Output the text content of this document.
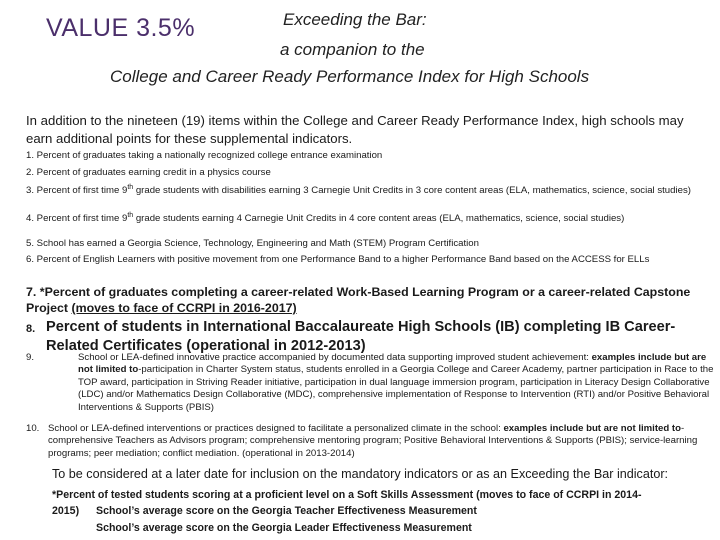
VALUE 3.5%	Exceeding the Bar:
a companion to the
College and Career Ready Performance Index for High Schools
In addition to the nineteen (19) items within the College and Career Ready Performance Index, high schools may earn additional points for these supplemental indicators.
1. Percent of graduates taking a nationally recognized college entrance examination
2. Percent of graduates earning credit in a physics course
3. Percent of first time 9th grade students with disabilities earning 3 Carnegie Unit Credits in 3 core content areas (ELA, mathematics, science, social studies)
4. Percent of first time 9th grade students earning 4 Carnegie Unit Credits in 4 core content areas (ELA, mathematics, science, social studies)
5. School has earned a Georgia Science, Technology, Engineering and Math (STEM) Program Certification
6. Percent of English Learners with positive movement from one Performance Band to a higher Performance Band based on the ACCESS for ELLs
7. *Percent of graduates completing a career-related Work-Based Learning Program or a career-related Capstone Project (moves to face of CCRPI in 2016-2017)
8. Percent of students in International Baccalaureate High Schools (IB) completing IB Career-Related Certificates (operational in 2012-2013)
9.	School or LEA-defined innovative practice accompanied by documented data supporting improved student achievement: examples include but are not limited to-participation in Charter System status, students enrolled in a Georgia College and Career Academy, partner participation in Race to the TOP award, participation in Striving Reader initiative, participation in dual language immersion program, participation in Literacy Design Collaborative (LDC) and/or Mathematics Design Collaborative (MDC), comprehensive implementation of Response to Intervention (RTI) and/or Positive Behavioral Interventions & Supports (PBIS)
10. School or LEA-defined interventions or practices designed to facilitate a personalized climate in the school: examples include but are not limited to-comprehensive Teachers as Advisors program; comprehensive mentoring program; Positive Behavioral Interventions & Supports (PBIS); service-learning programs; peer mediation; conflict mediation. (operational in 2013-2014)
To be considered at a later date for inclusion on the mandatory indicators or as an Exceeding the Bar indicator:
*Percent of tested students scoring at a proficient level on a Soft Skills Assessment (moves to face of CCRPI in 2014-
2015) School’s average score on the Georgia Teacher Effectiveness Measurement
School’s average score on the Georgia Leader Effectiveness Measurement
